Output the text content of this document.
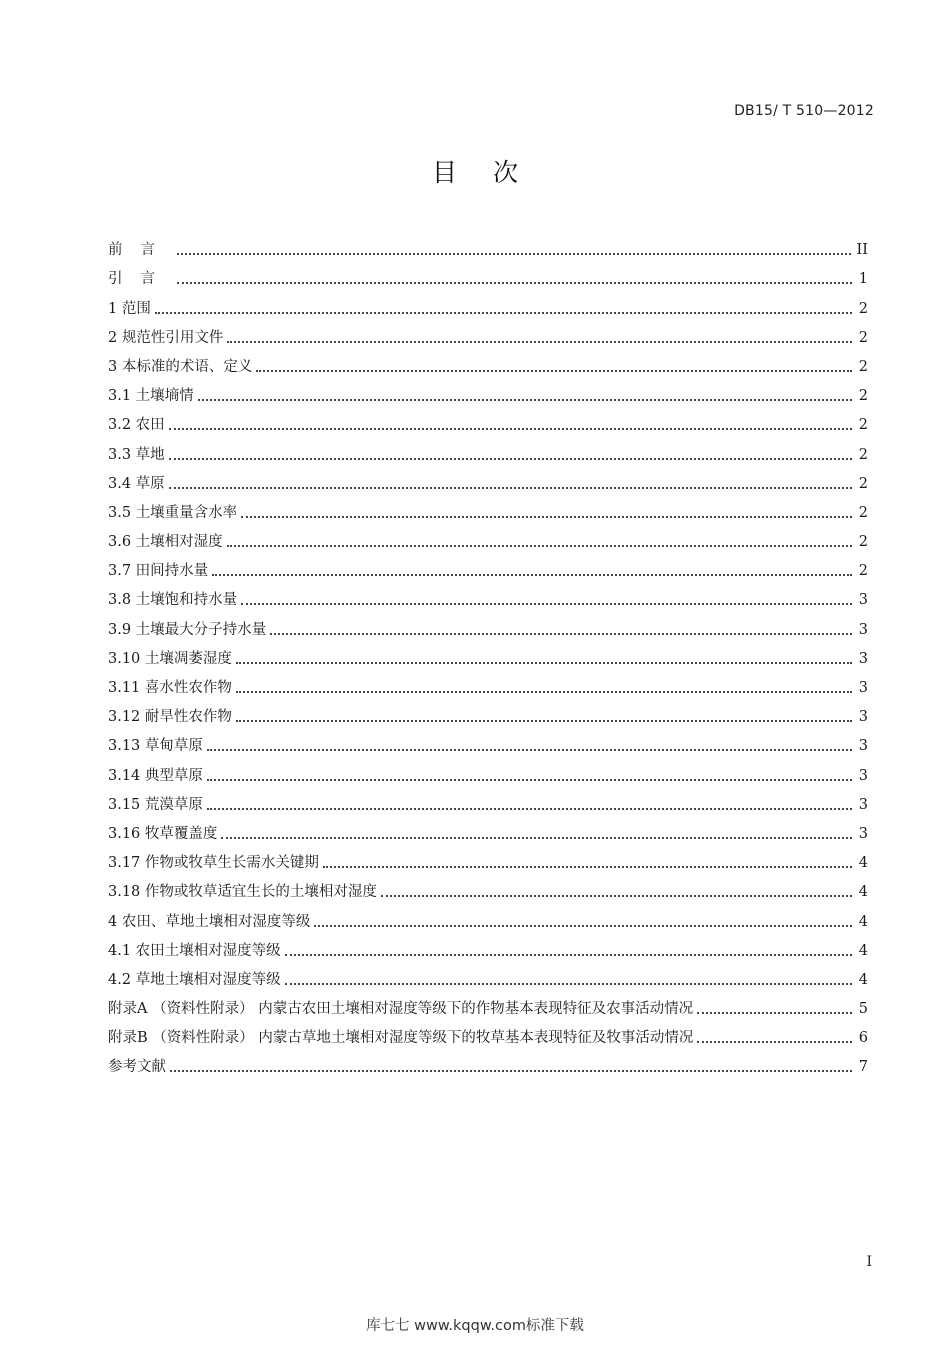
DB15/ T 510—2012
目次
前言	II
引言	1
1 范围	2
2 规范性引用文件	2
3 本标准的术语、定义	2
3.1 土壤墒情	2
3.2 农田	2
3.3 草地	2
3.4 草原	2
3.5 土壤重量含水率	2
3.6 土壤相对湿度	2
3.7 田间持水量	2
3.8 土壤饱和持水量	3
3.9 土壤最大分子持水量	3
3.10 土壤凋萎湿度	3
3.11 喜水性农作物	3
3.12 耐旱性农作物	3
3.13 草甸草原	3
3.14 典型草原	3
3.15 荒漠草原	3
3.16 牧草覆盖度	3
3.17 作物或牧草生长需水关键期	4
3.18 作物或牧草适宜生长的土壤相对湿度	4
4 农田、草地土壤相对湿度等级	4
4.1 农田土壤相对湿度等级	4
4.2 草地土壤相对湿度等级	4
附录A （资料性附录） 内蒙古农田土壤相对湿度等级下的作物基本表现特征及农事活动情况	5
附录B （资料性附录） 内蒙古草地土壤相对湿度等级下的牧草基本表现特征及牧事活动情况	6
参考文献	7
I
库七七 www.kqqw.com标准下载
